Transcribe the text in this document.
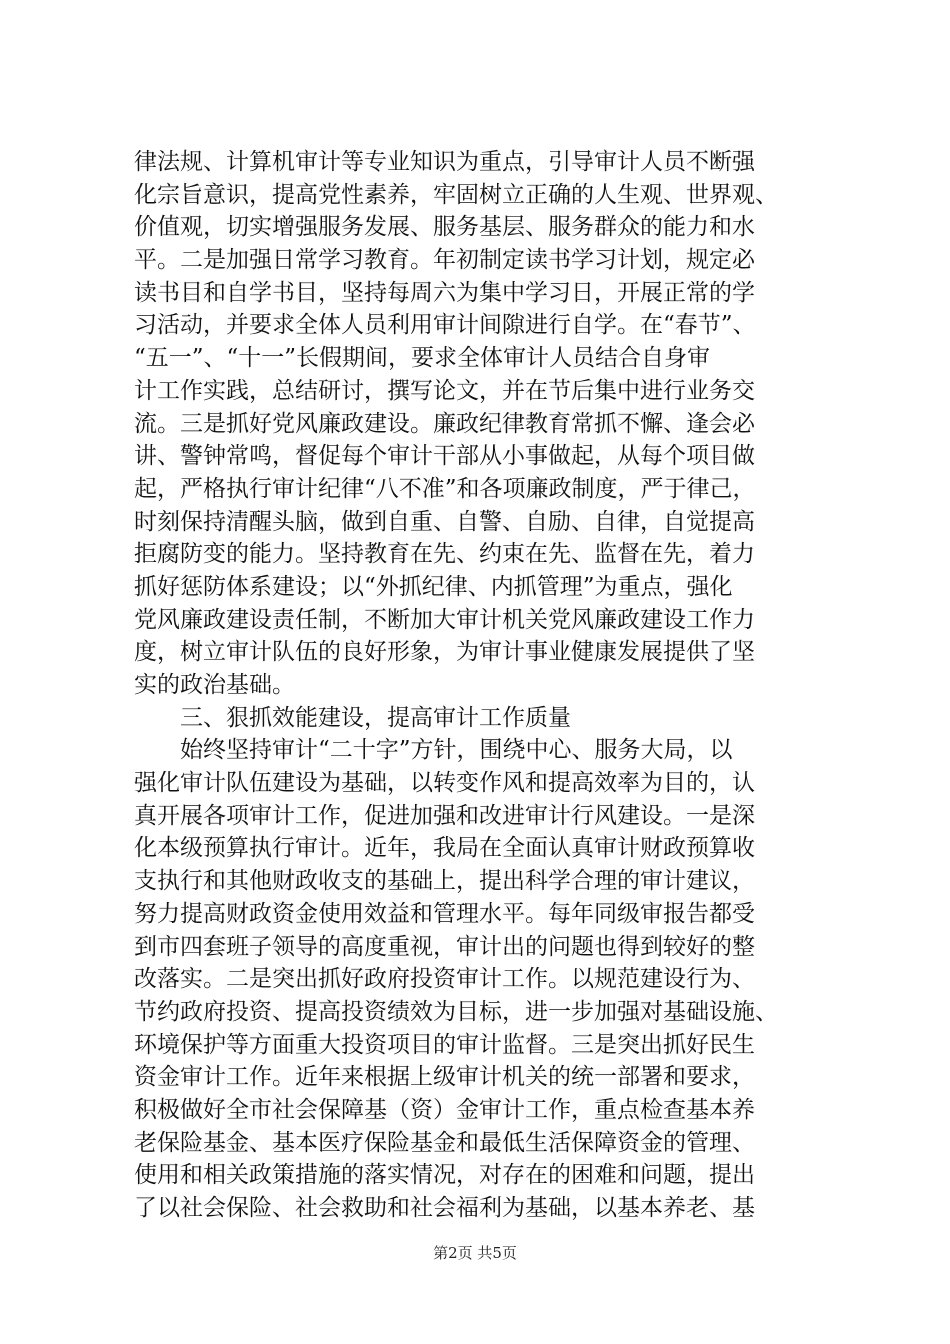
律法规、计算机审计等专业知识为重点，引导审计人员不断强
化宗旨意识，提高党性素养，牢固树立正确的人生观、世界观、
价值观，切实增强服务发展、服务基层、服务群众的能力和水
平。二是加强日常学习教育。年初制定读书学习计划，规定必
读书目和自学书目，坚持每周六为集中学习日，开展正常的学
习活动，并要求全体人员利用审计间隙进行自学。在“春节”、
“五一”、“十一”长假期间，要求全体审计人员结合自身审
计工作实践，总结研讨，撰写论文，并在节后集中进行业务交
流。三是抓好党风廉政建设。廉政纪律教育常抓不懈、逢会必
讲、警钟常鸣，督促每个审计干部从小事做起，从每个项目做
起，严格执行审计纪律“八不准”和各项廉政制度，严于律己，
时刻保持清醒头脑，做到自重、自警、自励、自律，自觉提高
拒腐防变的能力。坚持教育在先、约束在先、监督在先，着力
抓好惩防体系建设；以“外抓纪律、内抓管理”为重点，强化
党风廉政建设责任制，不断加大审计机关党风廉政建设工作力
度，树立审计队伍的良好形象，为审计事业健康发展提供了坚
实的政治基础。
三、狠抓效能建设，提高审计工作质量
始终坚持审计“二十字”方针，围绕中心、服务大局，以
强化审计队伍建设为基础，以转变作风和提高效率为目的，认
真开展各项审计工作，促进加强和改进审计行风建设。一是深
化本级预算执行审计。近年，我局在全面认真审计财政预算收
支执行和其他财政收支的基础上，提出科学合理的审计建议，
努力提高财政资金使用效益和管理水平。每年同级审报告都受
到市四套班子领导的高度重视，审计出的问题也得到较好的整
改落实。二是突出抓好政府投资审计工作。以规范建设行为、
节约政府投资、提高投资绩效为目标，进一步加强对基础设施、
环境保护等方面重大投资项目的审计监督。三是突出抓好民生
资金审计工作。近年来根据上级审计机关的统一部署和要求，
积极做好全市社会保障基（资）金审计工作，重点检查基本养
老保险基金、基本医疗保险基金和最低生活保障资金的管理、
使用和相关政策措施的落实情况，对存在的困难和问题，提出
了以社会保险、社会救助和社会福利为基础，以基本养老、基
第2页 共5页
